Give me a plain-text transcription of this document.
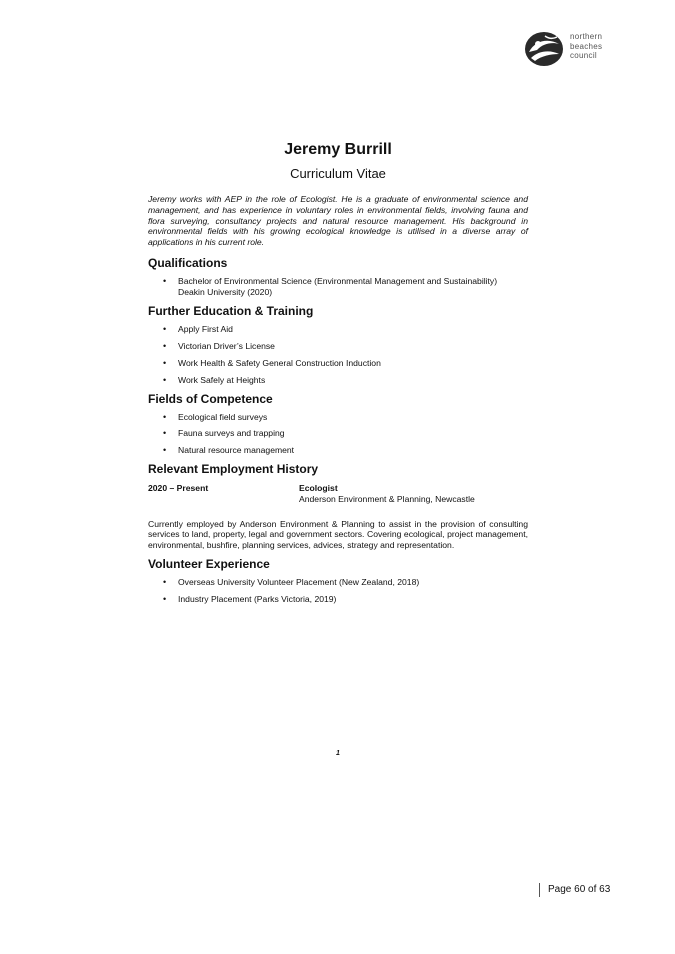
northern
beaches
council
Jeremy Burrill
Curriculum Vitae

Jeremy works with AEP in the role of Ecologist. He is a graduate of environmental science and management, and has experience in voluntary roles in environmental fields, involving fauna and flora surveying, consultancy projects and natural resource management. His background in environmental fields with his growing ecological knowledge is utilised in a diverse array of applications in his current role.

Qualifications
• Bachelor of Environmental Science (Environmental Management and Sustainability)
Deakin University (2020)
Further Education & Training
• Apply First Aid
• Victorian Driver’s License
• Work Health & Safety General Construction Induction
• Work Safely at Heights
Fields of Competence
• Ecological field surveys
• Fauna surveys and trapping
• Natural resource management
Relevant Employment History
2020 – Present	Ecologist
Anderson Environment & Planning, Newcastle

Currently employed by Anderson Environment & Planning to assist in the provision of consulting services to land, property, legal and government sectors. Covering ecological, project management, environmental, bushfire, planning services, advices, strategy and representation.

Volunteer Experience
• Overseas University Volunteer Placement (New Zealand, 2018)
• Industry Placement (Parks Victoria, 2019)
1
Page 60 of 63
